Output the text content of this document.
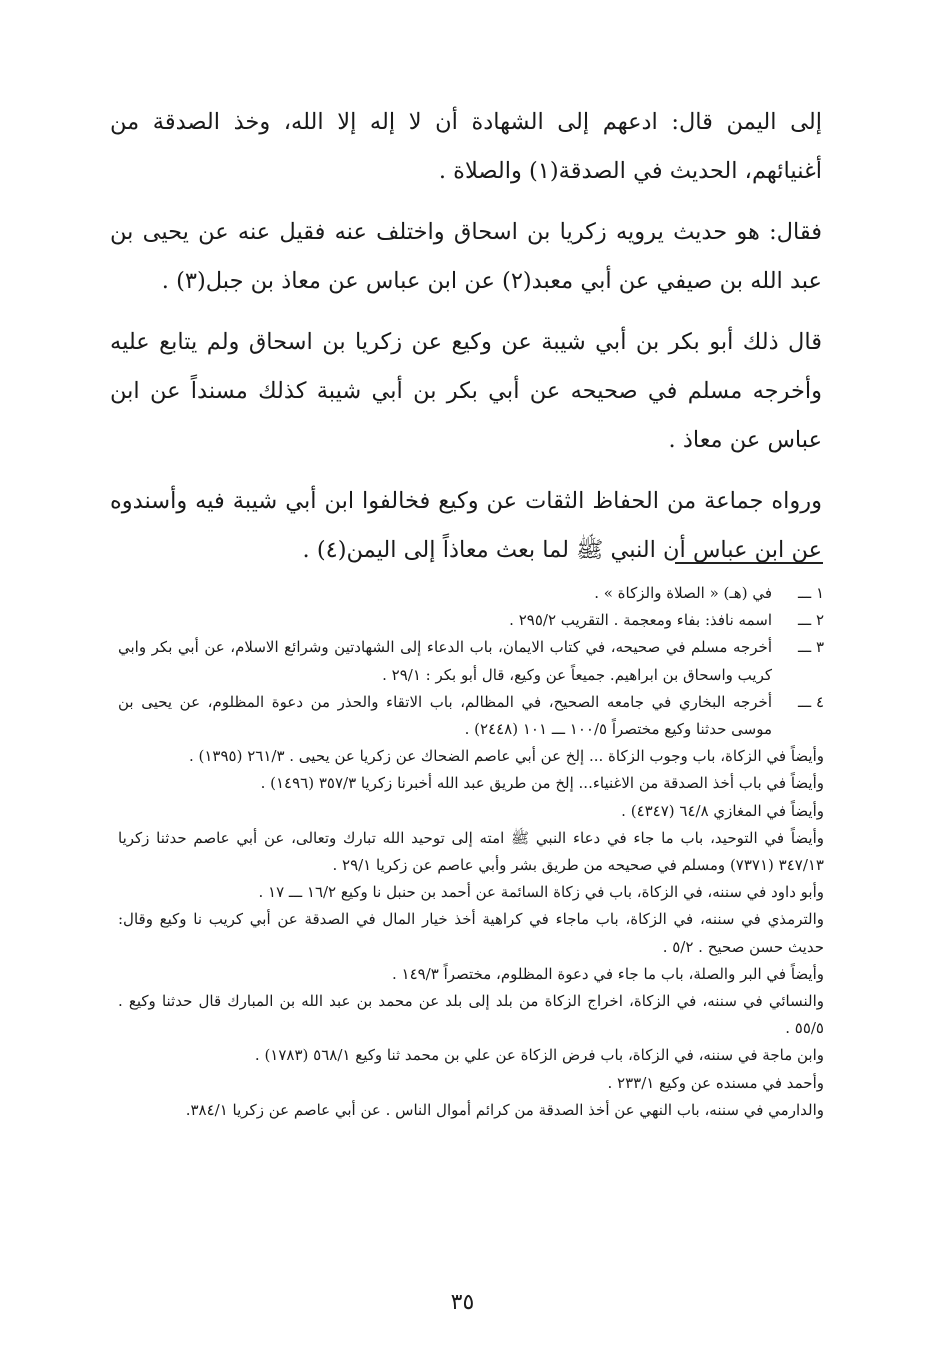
إلى اليمن قال: ادعهم إلى الشهادة أن لا إله إلا الله، وخذ الصدقة من أغنيائهم، الحديث في الصدقة(١) والصلاة .

فقال: هو حديث يرويه زكريا بن اسحاق واختلف عنه فقيل عنه عن يحيى بن عبد الله بن صيفي عن أبي معبد(٢) عن ابن عباس عن معاذ بن جبل(٣) .

قال ذلك أبو بكر بن أبي شيبة عن وكيع عن زكريا بن اسحاق ولم يتابع عليه وأخرجه مسلم في صحيحه عن أبي بكر بن أبي شيبة كذلك مسنداً عن ابن عباس عن معاذ .

ورواه جماعة من الحفاظ الثقات عن وكيع فخالفوا ابن أبي شيبة فيه وأسندوه عن ابن عباس أن النبي ﷺ لما بعث معاذاً إلى اليمن(٤) .

١ ـــ
في (هـ) « الصلاة والزكاة » .
٢ ـــ
اسمه نافذ: بفاء ومعجمة . التقريب ٢٩٥/٢ .
٣ ـــ
أخرجه مسلم في صحيحه، في كتاب الايمان، باب الدعاء إلى الشهادتين وشرائع الاسلام، عن أبي بكر وابي كريب واسحاق بن ابراهيم. جميعاً عن وكيع، قال أبو بكر : ٢٩/١ .
٤ ـــ
أخرجه البخاري في جامعه الصحيح، في المظالم، باب الاتقاء والحذر من دعوة المظلوم، عن يحيى بن موسى حدثنا وكيع مختصراً ١٠٠/٥ ـــ ١٠١ (٢٤٤٨) .
وأيضاً في الزكاة، باب وجوب الزكاة ... إلخ عن أبي عاصم الضحاك عن زكريا عن يحيى . ٢٦١/٣ (١٣٩٥) .
وأيضاً في باب أخذ الصدقة من الاغنياء... إلخ من طريق عبد الله أخبرنا زكريا ٣٥٧/٣ (١٤٩٦) .
وأيضاً في المغازي ٦٤/٨ (٤٣٤٧) .
وأيضاً في التوحيد، باب ما جاء في دعاء النبي ﷺ امته إلى توحيد الله تبارك وتعالى، عن أبي عاصم حدثنا زكريا ٣٤٧/١٣ (٧٣٧١) ومسلم في صحيحه من طريق بشر وأبي عاصم عن زكريا ٢٩/١ .
وأبو داود في سننه، في الزكاة، باب في زكاة السائمة عن أحمد بن حنبل نا وكيع ١٦/٢ ـــ ١٧ .
والترمذي في سننه، في الزكاة، باب ماجاء في كراهية أخذ خيار المال في الصدقة عن أبي كريب نا وكيع وقال: حديث حسن صحيح . ٥/٢ .
وأيضاً في البر والصلة، باب ما جاء في دعوة المظلوم، مختصراً ١٤٩/٣ .
والنسائي في سننه، في الزكاة، اخراج الزكاة من بلد إلى بلد عن محمد بن عبد الله بن المبارك قال حدثنا وكيع . ٥٥/٥ .
وابن ماجة في سننه، في الزكاة، باب فرض الزكاة عن علي بن محمد ثنا وكيع ٥٦٨/١ (١٧٨٣) .
وأحمد في مسنده عن وكيع ٢٣٣/١ .
والدارمي في سننه، باب النهي عن أخذ الصدقة من كرائم أموال الناس . عن أبي عاصم عن زكريا ٣٨٤/١.
٣٥
